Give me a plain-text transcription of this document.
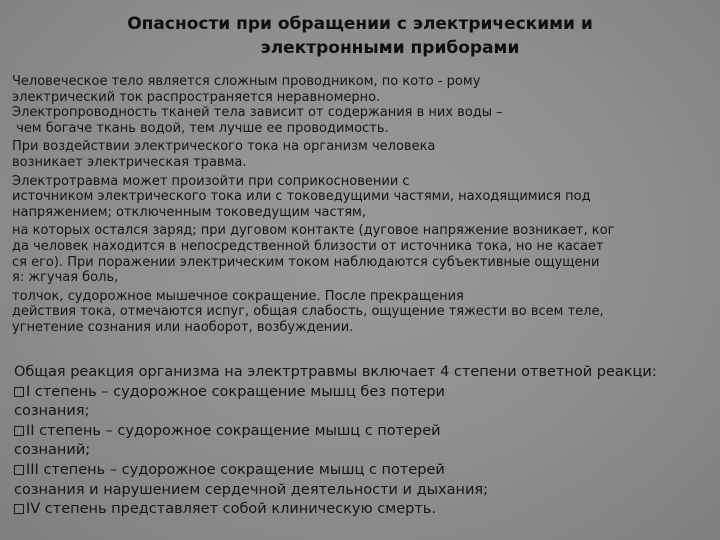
Опасности при обращении с электрическими и
электронными приборами
Человеческое тело является сложным проводником, по кото - рому
электрический ток распространяется неравномерно.
Электропроводность тканей тела зависит от содержания в них воды –
чем богаче ткань водой, тем лучше ее проводимость.
При воздействии электрического тока на организм человека
возникает электрическая травма.
Электротравма может произойти при соприкосновении с
источником электрического тока или с токоведущими частями, находящимися под
напряжением; отключенным токоведущим частям,
на которых остался заряд; при дуговом контакте (дуговое напряжение возникает, ког
да человек находится в непосредственной близости от источника тока, но не касает
ся его). При поражении электрическим током наблюдаются субъективные ощущени
я: жгучая боль,
толчок, судорожное мышечное сокращение. После прекращения
действия тока, отмечаются испуг, общая слабость, ощущение тяжести во всем теле,
угнетение сознания или наоборот, возбуждении.
Общая реакция организма на электртравмы включает 4 степени ответной реакци:
I степень – судорожное сокращение мышц без потери
сознания;
II степень – судорожное сокращение мышц с потерей
сознаний;
III степень – судорожное сокращение мышц с потерей
сознания и нарушением сердечной деятельности и дыхания;
IV степень представляет собой клиническую смерть.
